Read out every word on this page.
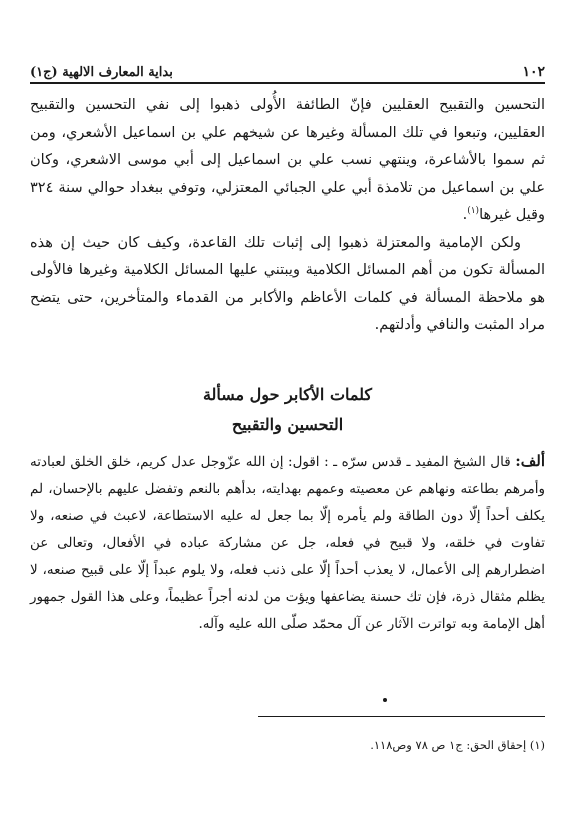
١٠٢
بداية المعارف الالهية (ج١)

التحسين والتقبيح العقليين فإنّ الطائفة الأُولى ذهبوا إلى نفي التحسين والتقبيح العقليين، وتبعوا في تلك المسألة وغيرها عن شيخهم علي بن اسماعيل الأشعري، ومن ثم سموا بالأشاعرة، وينتهي نسب علي بن اسماعيل إلى أبي موسى الاشعري، وكان علي بن اسماعيل من تلامذة أبي علي الجبائي المعتزلي، وتوفي ببغداد حوالي سنة ٣٢٤ وقيل غيرها$^{(١)}$.

ولكن الإمامية والمعتزلة ذهبوا إلى إثبات تلك القاعدة، وكيف كان حيث إن هذه المسألة تكون من أهم المسائل الكلامية ويبتني عليها المسائل الكلامية وغيرها فالأولى هو ملاحظة المسألة في كلمات الأعاظم والأكابر من القدماء والمتأخرين، حتى يتضح مراد المثبت والنافي وأدلتهم.

كلمات الأكابر حول مسألة
التحسين والتقبيح

ألف: قال الشيخ المفيد ـ قدس سرّه ـ : اقول: إن الله عزّوجل عدل كريم، خلق الخلق لعبادته وأمرهم بطاعته ونهاهم عن معصيته وعمهم بهدايته، بدأهم بالنعم وتفضل عليهم بالإحسان، لم يكلف أحداً إلّا دون الطاقة ولم يأمره إلّا بما جعل له عليه الاستطاعة، لاعبث في صنعه، ولا تفاوت في خلقه، ولا قبيح في فعله، جل عن مشاركة عباده في الأفعال، وتعالى عن اضطرارهم إلى الأعمال، لا يعذب أحداً إلّا على ذنب فعله، ولا يلوم عبداً إلّا على قبيح صنعه، لا يظلم مثقال ذرة، فإن تك حسنة يضاعفها ويؤت من لدنه أجراً عظيماً، وعلى هذا القول جمهور أهل الإمامة وبه تواترت الآثار عن آل محمّد صلّى الله عليه وآله.

(١) إحقاق الحق: ج١ ص ٧٨ وص١١٨.
